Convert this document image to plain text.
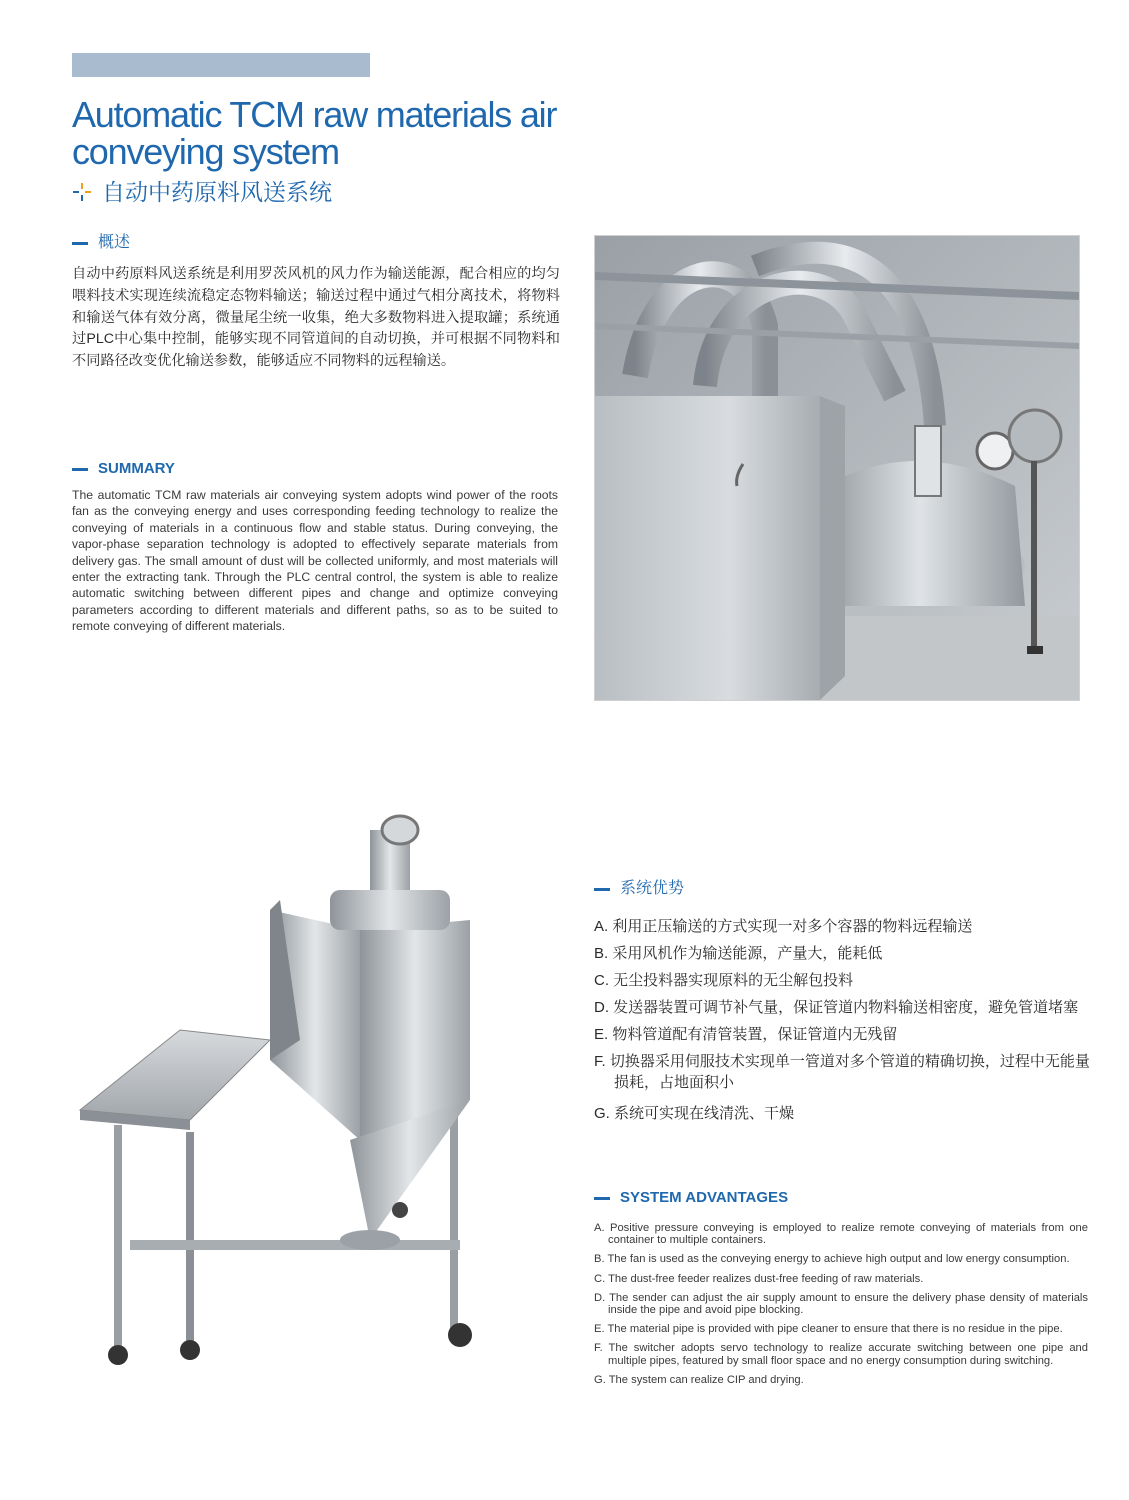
Automatic TCM raw materials air conveying system
自动中药原料风送系统
概述

自动中药原料风送系统是利用罗茨风机的风力作为输送能源，配合相应的均匀喂料技术实现连续流稳定态物料输送；输送过程中通过气相分离技术，将物料和输送气体有效分离，微量尾尘统一收集，绝大多数物料进入提取罐；系统通过PLC中心集中控制，能够实现不同管道间的自动切换，并可根据不同物料和不同路径改变优化输送参数，能够适应不同物料的远程输送。

SUMMARY

The automatic TCM raw materials air conveying system adopts wind power of the roots fan as the conveying energy and uses corresponding feeding technology to realize the conveying of materials in a continuous flow and stable status. During conveying, the vapor-phase separation technology is adopted to effectively separate materials from delivery gas. The small amount of dust will be collected uniformly, and most materials will enter the extracting tank. Through the PLC central control, the system is able to realize automatic switching between different pipes and change and optimize conveying parameters according to different materials and different paths, so as to be suited to remote conveying of different materials.

系统优势
A. 利用正压输送的方式实现一对多个容器的物料远程输送
B. 采用风机作为输送能源，产量大，能耗低
C. 无尘投料器实现原料的无尘解包投料
D. 发送器装置可调节补气量，保证管道内物料输送相密度，避免管道堵塞
E. 物料管道配有清管装置，保证管道内无残留
F. 切换器采用伺服技术实现单一管道对多个管道的精确切换，过程中无能量损耗，占地面积小
G. 系统可实现在线清洗、干燥
SYSTEM ADVANTAGES
A. Positive pressure conveying is employed to realize remote conveying of materials from one container to multiple containers.
B. The fan is used as the conveying energy to achieve high output and low energy consumption.
C. The dust-free feeder realizes dust-free feeding of raw materials.
D. The sender can adjust the air supply amount to ensure the delivery phase density of materials inside the pipe and avoid pipe blocking.
E. The material pipe is provided with pipe cleaner to ensure that there is no residue in the pipe.
F. The switcher adopts servo technology to realize accurate switching between one pipe and multiple pipes, featured by small floor space and no energy consumption during switching.
G. The system can realize CIP and drying.
